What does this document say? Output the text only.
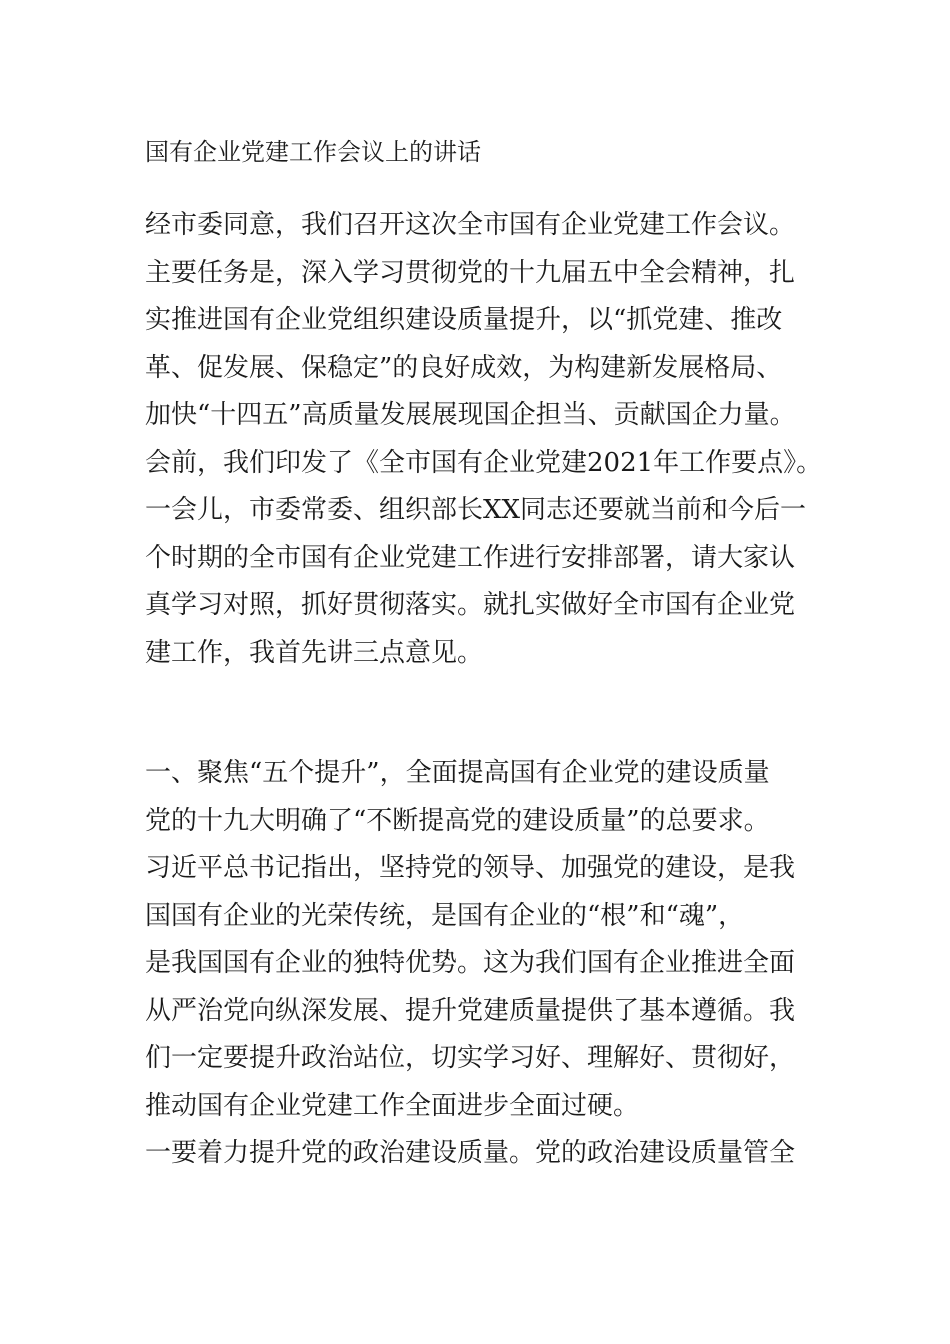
国有企业党建工作会议上的讲话
经市委同意，我们召开这次全市国有企业党建工作会议。
主要任务是，深入学习贯彻党的十九届五中全会精神，扎
实推进国有企业党组织建设质量提升，以“抓党建、推改
革、促发展、保稳定”的良好成效，为构建新发展格局、
加快“十四五”高质量发展展现国企担当、贡献国企力量。
会前，我们印发了《全市国有企业党建2021年工作要点》。
一会儿，市委常委、组织部长XX同志还要就当前和今后一
个时期的全市国有企业党建工作进行安排部署，请大家认
真学习对照，抓好贯彻落实。就扎实做好全市国有企业党
建工作，我首先讲三点意见。
一、聚焦“五个提升”，全面提高国有企业党的建设质量
党的十九大明确了“不断提高党的建设质量”的总要求。
习近平总书记指出，坚持党的领导、加强党的建设，是我
国国有企业的光荣传统，是国有企业的“根”和“魂”，
是我国国有企业的独特优势。这为我们国有企业推进全面
从严治党向纵深发展、提升党建质量提供了基本遵循。我
们一定要提升政治站位，切实学习好、理解好、贯彻好，
推动国有企业党建工作全面进步全面过硬。
一要着力提升党的政治建设质量。党的政治建设质量管全
